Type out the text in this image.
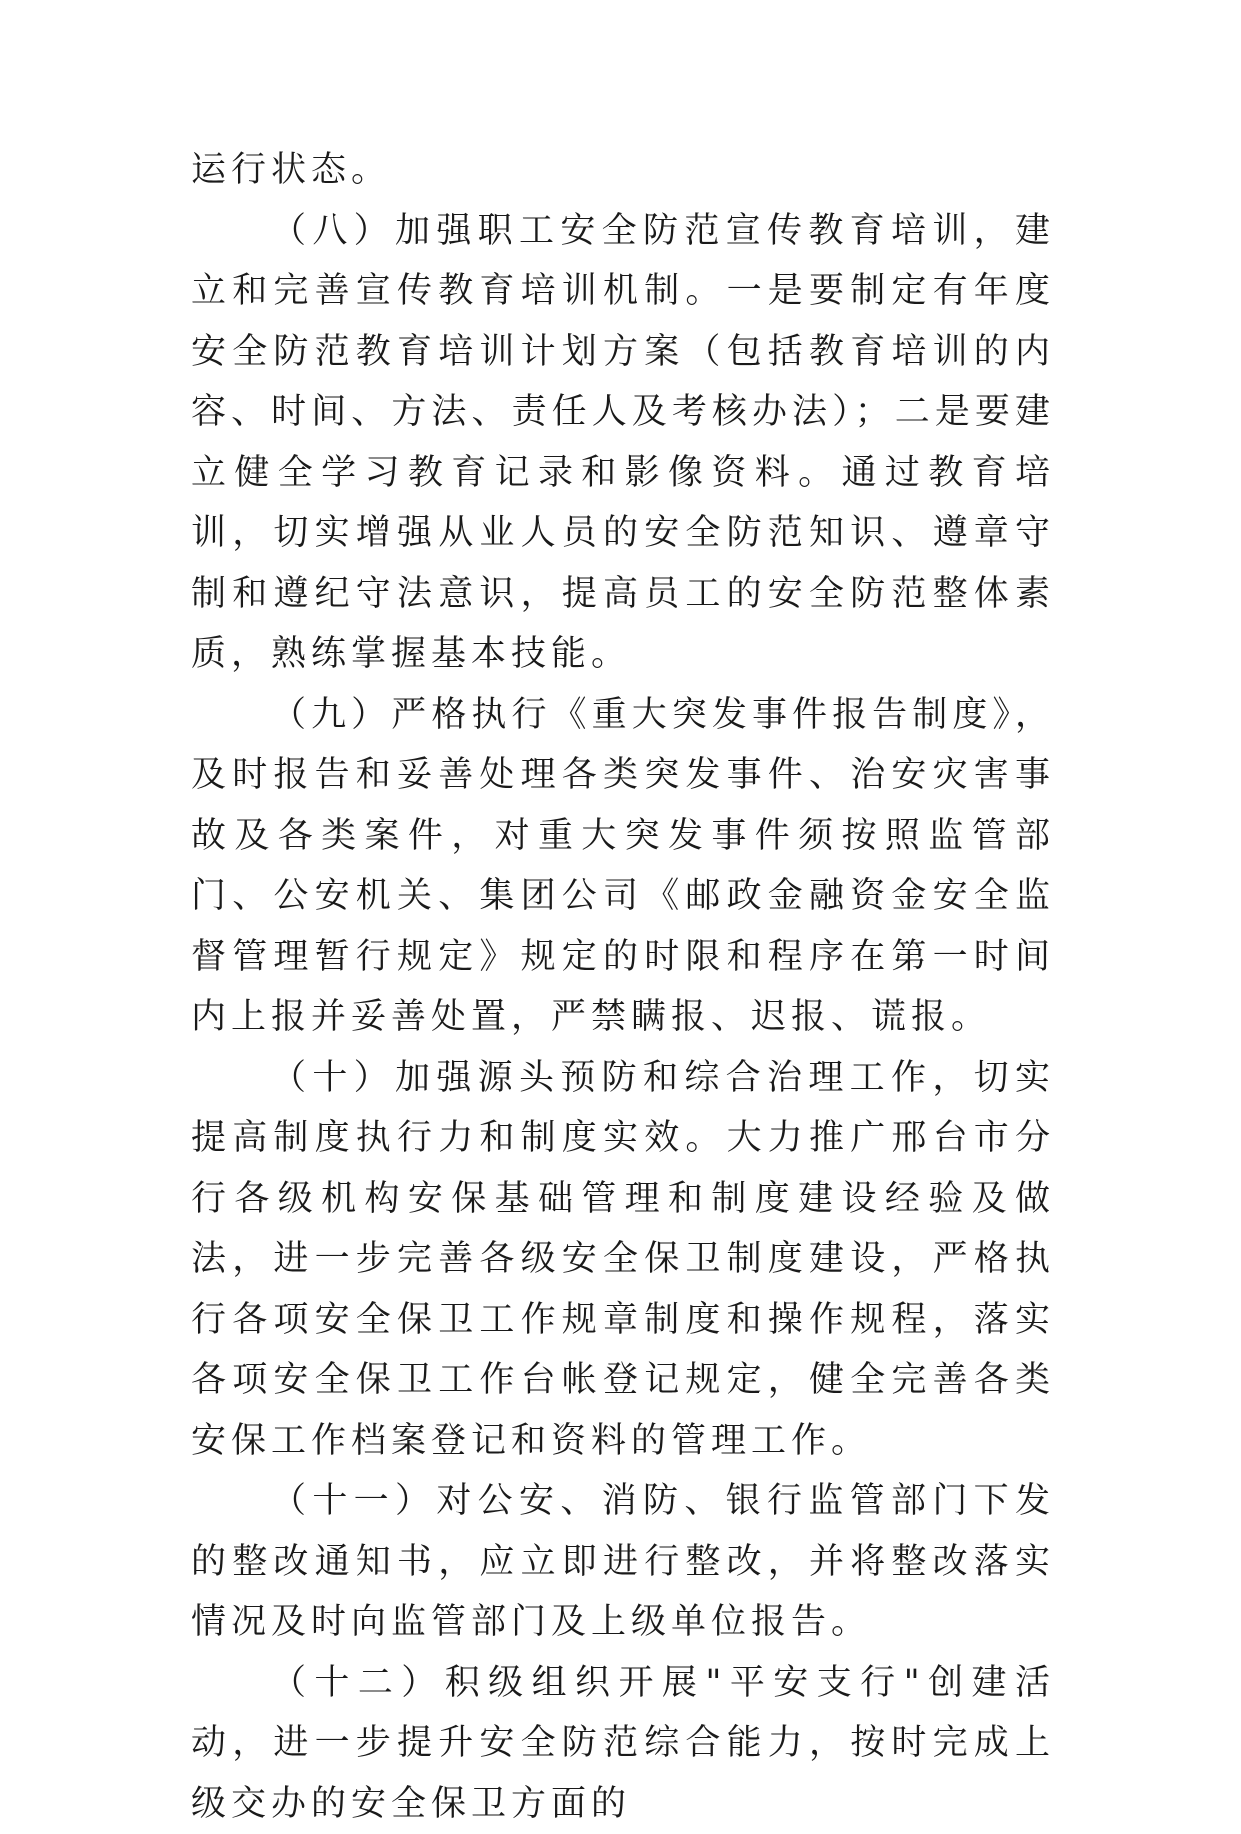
运行状态。

（八）加强职工安全防范宣传教育培训，建立和完善宣传教育培训机制。一是要制定有年度安全防范教育培训计划方案（包括教育培训的内容、时间、方法、责任人及考核办法）；二是要建立健全学习教育记录和影像资料。通过教育培训，切实增强从业人员的安全防范知识、遵章守制和遵纪守法意识，提高员工的安全防范整体素质，熟练掌握基本技能。

（九）严格执行《重大突发事件报告制度》，及时报告和妥善处理各类突发事件、治安灾害事故及各类案件，对重大突发事件须按照监管部门、公安机关、集团公司《邮政金融资金安全监督管理暂行规定》规定的时限和程序在第一时间内上报并妥善处置，严禁瞒报、迟报、谎报。

（十）加强源头预防和综合治理工作，切实提高制度执行力和制度实效。大力推广邢台市分行各级机构安保基础管理和制度建设经验及做法，进一步完善各级安全保卫制度建设，严格执行各项安全保卫工作规章制度和操作规程，落实各项安全保卫工作台帐登记规定，健全完善各类安保工作档案登记和资料的管理工作。

（十一）对公安、消防、银行监管部门下发的整改通知书，应立即进行整改，并将整改落实情况及时向监管部门及上级单位报告。

（十二）积级组织开展"平安支行"创建活动，进一步提升安全防范综合能力，按时完成上级交办的安全保卫方面的
